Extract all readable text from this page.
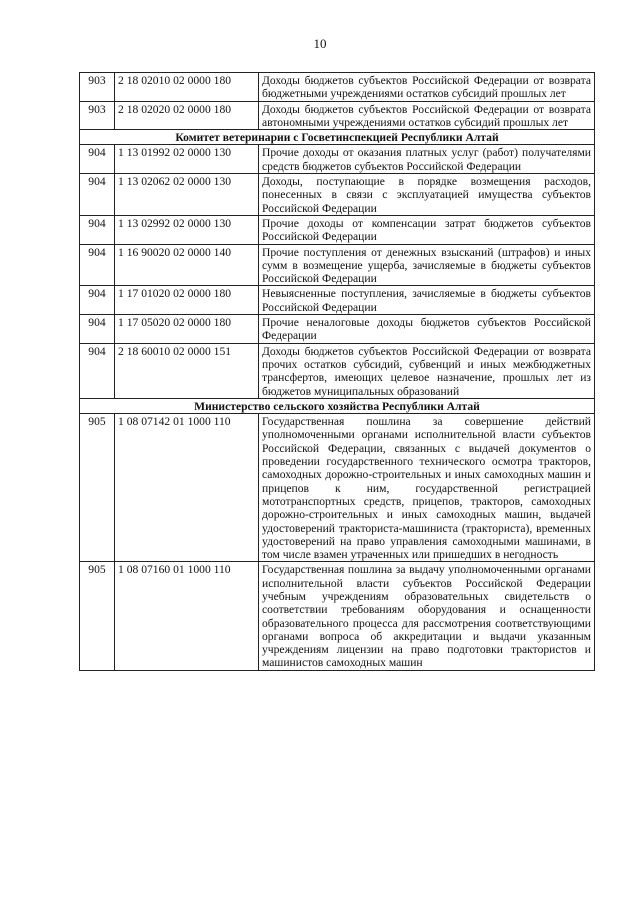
10
903	2 18 02010 02 0000 180	Доходы бюджетов субъектов Российской Федерации от возврата бюджетными учреждениями остатков субсидий прошлых лет
903	2 18 02020 02 0000 180	Доходы бюджетов субъектов Российской Федерации от возврата автономными учреждениями остатков субсидий прошлых лет
Комитет ветеринарии с Госветинспекцией Республики Алтай		
904	1 13 01992 02 0000 130	Прочие доходы от оказания платных услуг (работ) получателями средств бюджетов субъектов Российской Федерации
904	1 13 02062 02 0000 130	Доходы, поступающие в порядке возмещения расходов, понесенных в связи с эксплуатацией имущества субъектов Российской Федерации
904	1 13 02992 02 0000 130	Прочие доходы от компенсации затрат бюджетов субъектов Российской Федерации
904	1 16 90020 02 0000 140	Прочие поступления от денежных взысканий (штрафов) и иных сумм в возмещение ущерба, зачисляемые в бюджеты субъектов Российской Федерации
904	1 17 01020 02 0000 180	Невыясненные поступления, зачисляемые в бюджеты субъектов Российской Федерации
904	1 17 05020 02 0000 180	Прочие неналоговые доходы бюджетов субъектов Российской Федерации
904	2 18 60010 02 0000 151	Доходы бюджетов субъектов Российской Федерации от возврата прочих остатков субсидий, субвенций и иных межбюджетных трансфертов, имеющих целевое назначение, прошлых лет из бюджетов муниципальных образований
Министерство сельского хозяйства Республики Алтай		
905	1 08 07142 01 1000 110	Государственная пошлина за совершение действий уполномоченными органами исполнительной власти субъектов Российской Федерации, связанных с выдачей документов о проведении государственного технического осмотра тракторов, самоходных дорожно-строительных и иных самоходных машин и прицепов к ним, государственной регистрацией мототранспортных средств, прицепов, тракторов, самоходных дорожно-строительных и иных самоходных машин, выдачей удостоверений тракториста-машиниста (тракториста), временных удостоверений на право управления самоходными машинами, в том числе взамен утраченных или пришедших в негодность
905	1 08 07160 01 1000 110	Государственная пошлина за выдачу уполномоченными органами исполнительной власти субъектов Российской Федерации учебным учреждениям образовательных свидетельств о соответствии требованиям оборудования и оснащенности образовательного процесса для рассмотрения соответствующими органами вопроса об аккредитации и выдачи указанным учреждениям лицензии на право подготовки трактористов и машинистов самоходных машин
